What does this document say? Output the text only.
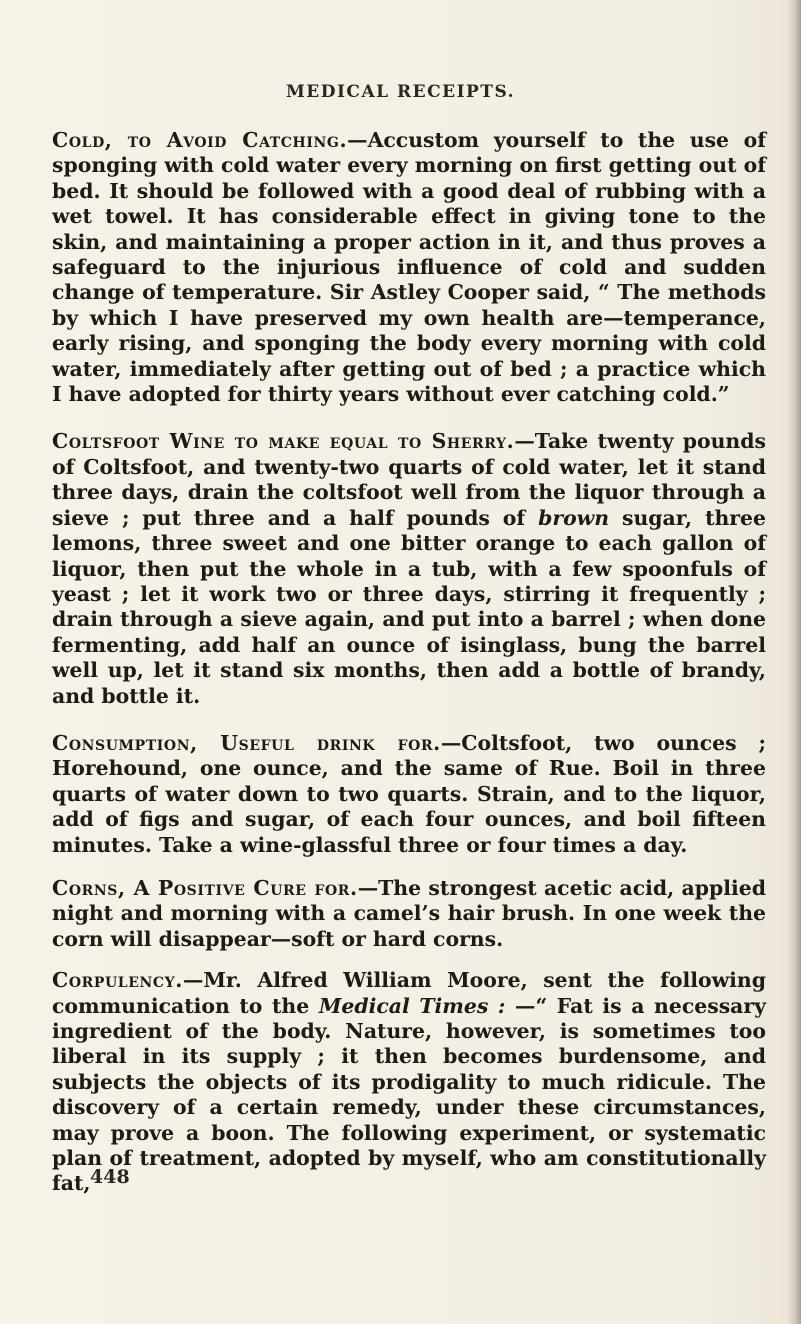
MEDICAL RECEIPTS.

Cold, to Avoid Catching.—Accustom yourself to the use of sponging with cold water every morning on first getting out of bed. It should be followed with a good deal of rubbing with a wet towel. It has considerable effect in giving tone to the skin, and maintaining a proper action in it, and thus proves a safeguard to the injurious influence of cold and sudden change of temperature. Sir Astley Cooper said, “ The methods by which I have preserved my own health are—temperance, early rising, and sponging the body every morning with cold water, immediately after getting out of bed ; a practice which I have adopted for thirty years without ever catching cold.”

Coltsfoot Wine to make equal to Sherry.—Take twenty pounds of Coltsfoot, and twenty-two quarts of cold water, let it stand three days, drain the coltsfoot well from the liquor through a sieve ; put three and a half pounds of brown sugar, three lemons, three sweet and one bitter orange to each gallon of liquor, then put the whole in a tub, with a few spoonfuls of yeast ; let it work two or three days, stirring it frequently ; drain through a sieve again, and put into a barrel ; when done fermenting, add half an ounce of isinglass, bung the barrel well up, let it stand six months, then add a bottle of brandy, and bottle it.

Consumption, Useful drink for.—Coltsfoot, two ounces ; Horehound, one ounce, and the same of Rue. Boil in three quarts of water down to two quarts. Strain, and to the liquor, add of figs and sugar, of each four ounces, and boil fifteen minutes. Take a wine-glassful three or four times a day.

Corns, A Positive Cure for.—The strongest acetic acid, applied night and morning with a camel’s hair brush. In one week the corn will disappear—soft or hard corns.

Corpulency.—Mr. Alfred William Moore, sent the following communication to the Medical Times : —“ Fat is a necessary ingredient of the body. Nature, however, is sometimes too liberal in its supply ; it then becomes burdensome, and subjects the objects of its prodigality to much ridicule. The discovery of a certain remedy, under these circumstances, may prove a boon. The following experiment, or systematic plan of treatment, adopted by myself, who am constitutionally fat, 448
